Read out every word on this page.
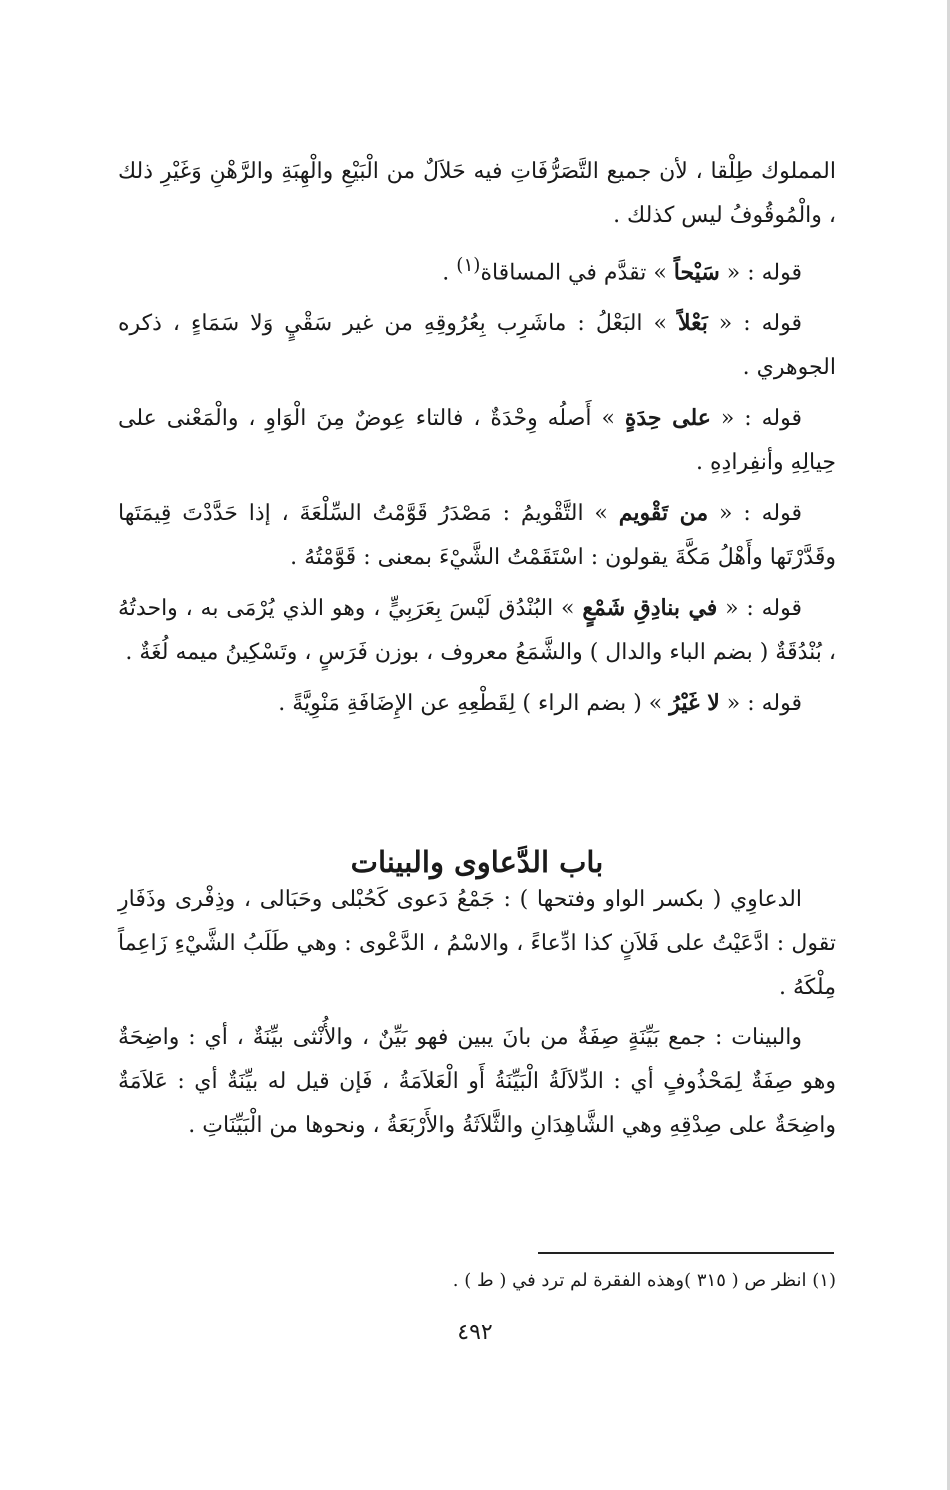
المملوك طِلْقا ، لأن جميع التَّصَرُّفَاتِ فيه حَلاَلٌ من الْبَيْعِ والْهِبَةِ والرَّهْنِ وَغَيْرِ ذلك ، والْمُوقُوفُ ليس كذلك .

قوله : « سَيْحاً » تقدَّم في المساقاة$^{(١)}$ .

قوله : « بَعْلاً » البَعْلُ : ماشَرِب بِعُرُوقِهِ من غير سَقْيٍ وَلا سَمَاءٍ ، ذكره الجوهري .

قوله : « على حِدَةٍ » أَصلُه وِحْدَةٌ ، فالتاء عِوضٌ مِنَ الْوَاوِ ، والْمَعْنى على حِيالِهِ وأنفِرادِهِ .

قوله : « من تَقْويم » التَّقْويمُ : مَصْدَرُ قَوَّمْتُ السِّلْعَةَ ، إذا حَدَّدْتَ قِيمَتَها وقَدَّرْتَها وأَهْلُ مَكَّةَ يقولون : اسْتَقَمْتُ الشَّيْءَ بمعنى : قَوَّمْتُهُ .

قوله : « في بنادِقِ شَمْعٍ » البُنْدُق لَيْسَ بِعَرَبِيٍّ ، وهو الذي يُرْمَى به ، واحدتُهُ ، بُنْدُقَةٌ ( بضم الباء والدال ) والشَّمَعُ معروف ، بوزن فَرَسٍ ، وتَسْكِينُ ميمه لُغَةٌ .

قوله : « لا غَيْرُ » ( بضم الراء ) لِقَطْعِهِ عن الإِضَافَةِ مَنْوِيَّةً .

باب الدَّعاوى والبينات

الدعاوِي ( بكسر الواو وفتحها ) : جَمْعُ دَعوى كَحُبْلى وحَبَالى ، وذِفْرى وذَفَارِ تقول : ادَّعَيْتُ على فَلاَنٍ كذا ادِّعاءً ، والاسْمُ ، الدَّعْوى : وهي طَلَبُ الشَّيْءِ زَاعِماً مِلْكَهُ .

والبينات : جمع بَيِّنَةٍ صِفَةٌ من بانَ يبين فهو بَيِّنٌ ، والأُنْثى بيِّنَةٌ ، أي : واضِحَةٌ وهو صِفَةٌ لِمَحْذُوفٍ أي : الدِّلاَلَةُ الْبَيِّنَةُ أَو الْعَلاَمَةُ ، فَإن قيل له بيِّنَةٌ أي : عَلاَمَةٌ واضِحَةٌ على صِدْقِهِ وهي الشَّاهِدَانِ والثَّلاَثَةُ والأَرْبَعَةُ ، ونحوها من الْبَيِّنَاتِ .

(١) انظر ص ( ٣١٥ )وهذه الفقرة لم ترد في ( ط ) .
٤٩٢
